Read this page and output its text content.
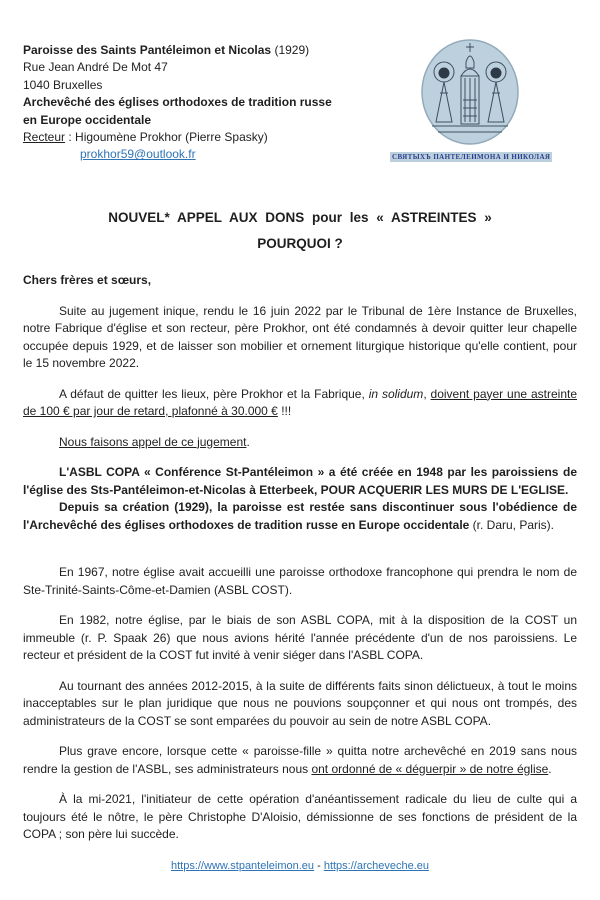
Paroisse des Saints Pantéleimon et Nicolas (1929)
Rue Jean André De Mot 47
1040 Bruxelles
Archevêché des églises orthodoxes de tradition russe
en Europe occidentale
Recteur : Higoumène Prokhor (Pierre Spasky)
prokhor59@outlook.fr	СВЯТЫХЪ ПАНТЕЛЕИМОНА И НИКОЛАЯ
NOUVEL* APPEL AUX DONS pour les « ASTREINTES »
POURQUOI ?

Chers frères et sœurs,

Suite au jugement inique, rendu le 16 juin 2022 par le Tribunal de 1ère Instance de Bruxelles, notre Fabrique d'église et son recteur, père Prokhor, ont été condamnés à devoir quitter leur chapelle occupée depuis 1929, et de laisser son mobilier et ornement liturgique historique qu'elle contient, pour le 15 novembre 2022.

A défaut de quitter les lieux, père Prokhor et la Fabrique, in solidum, doivent payer une astreinte de 100 € par jour de retard, plafonné à 30.000 € !!!

Nous faisons appel de ce jugement.

L'ASBL COPA « Conférence St-Pantéleimon » a été créée en 1948 par les paroissiens de l'église des Sts-Pantéleimon-et-Nicolas à Etterbeek, POUR ACQUERIR LES MURS DE L'EGLISE.

Depuis sa création (1929), la paroisse est restée sans discontinuer sous l'obédience de l'Archevêché des églises orthodoxes de tradition russe en Europe occidentale (r. Daru, Paris).

En 1967, notre église avait accueilli une paroisse orthodoxe francophone qui prendra le nom de Ste-Trinité-Saints-Côme-et-Damien (ASBL COST).

En 1982, notre église, par le biais de son ASBL COPA, mit à la disposition de la COST un immeuble (r. P. Spaak 26) que nous avions hérité l'année précédente d'un de nos paroissiens. Le recteur et président de la COST fut invité à venir siéger dans l'ASBL COPA.

Au tournant des années 2012-2015, à la suite de différents faits sinon délictueux, à tout le moins inacceptables sur le plan juridique que nous ne pouvions soupçonner et qui nous ont trompés, des administrateurs de la COST se sont emparées du pouvoir au sein de notre ASBL COPA.

Plus grave encore, lorsque cette « paroisse-fille » quitta notre archevêché en 2019 sans nous rendre la gestion de l'ASBL, ses administrateurs nous ont ordonné de « déguerpir » de notre église.

À la mi-2021, l'initiateur de cette opération d'anéantissement radicale du lieu de culte qui a toujours été le nôtre, le père Christophe D'Aloisio, démissionne de ses fonctions de président de la COPA ; son père lui succède.

https://www.stpanteleimon.eu - https://archeveche.eu
